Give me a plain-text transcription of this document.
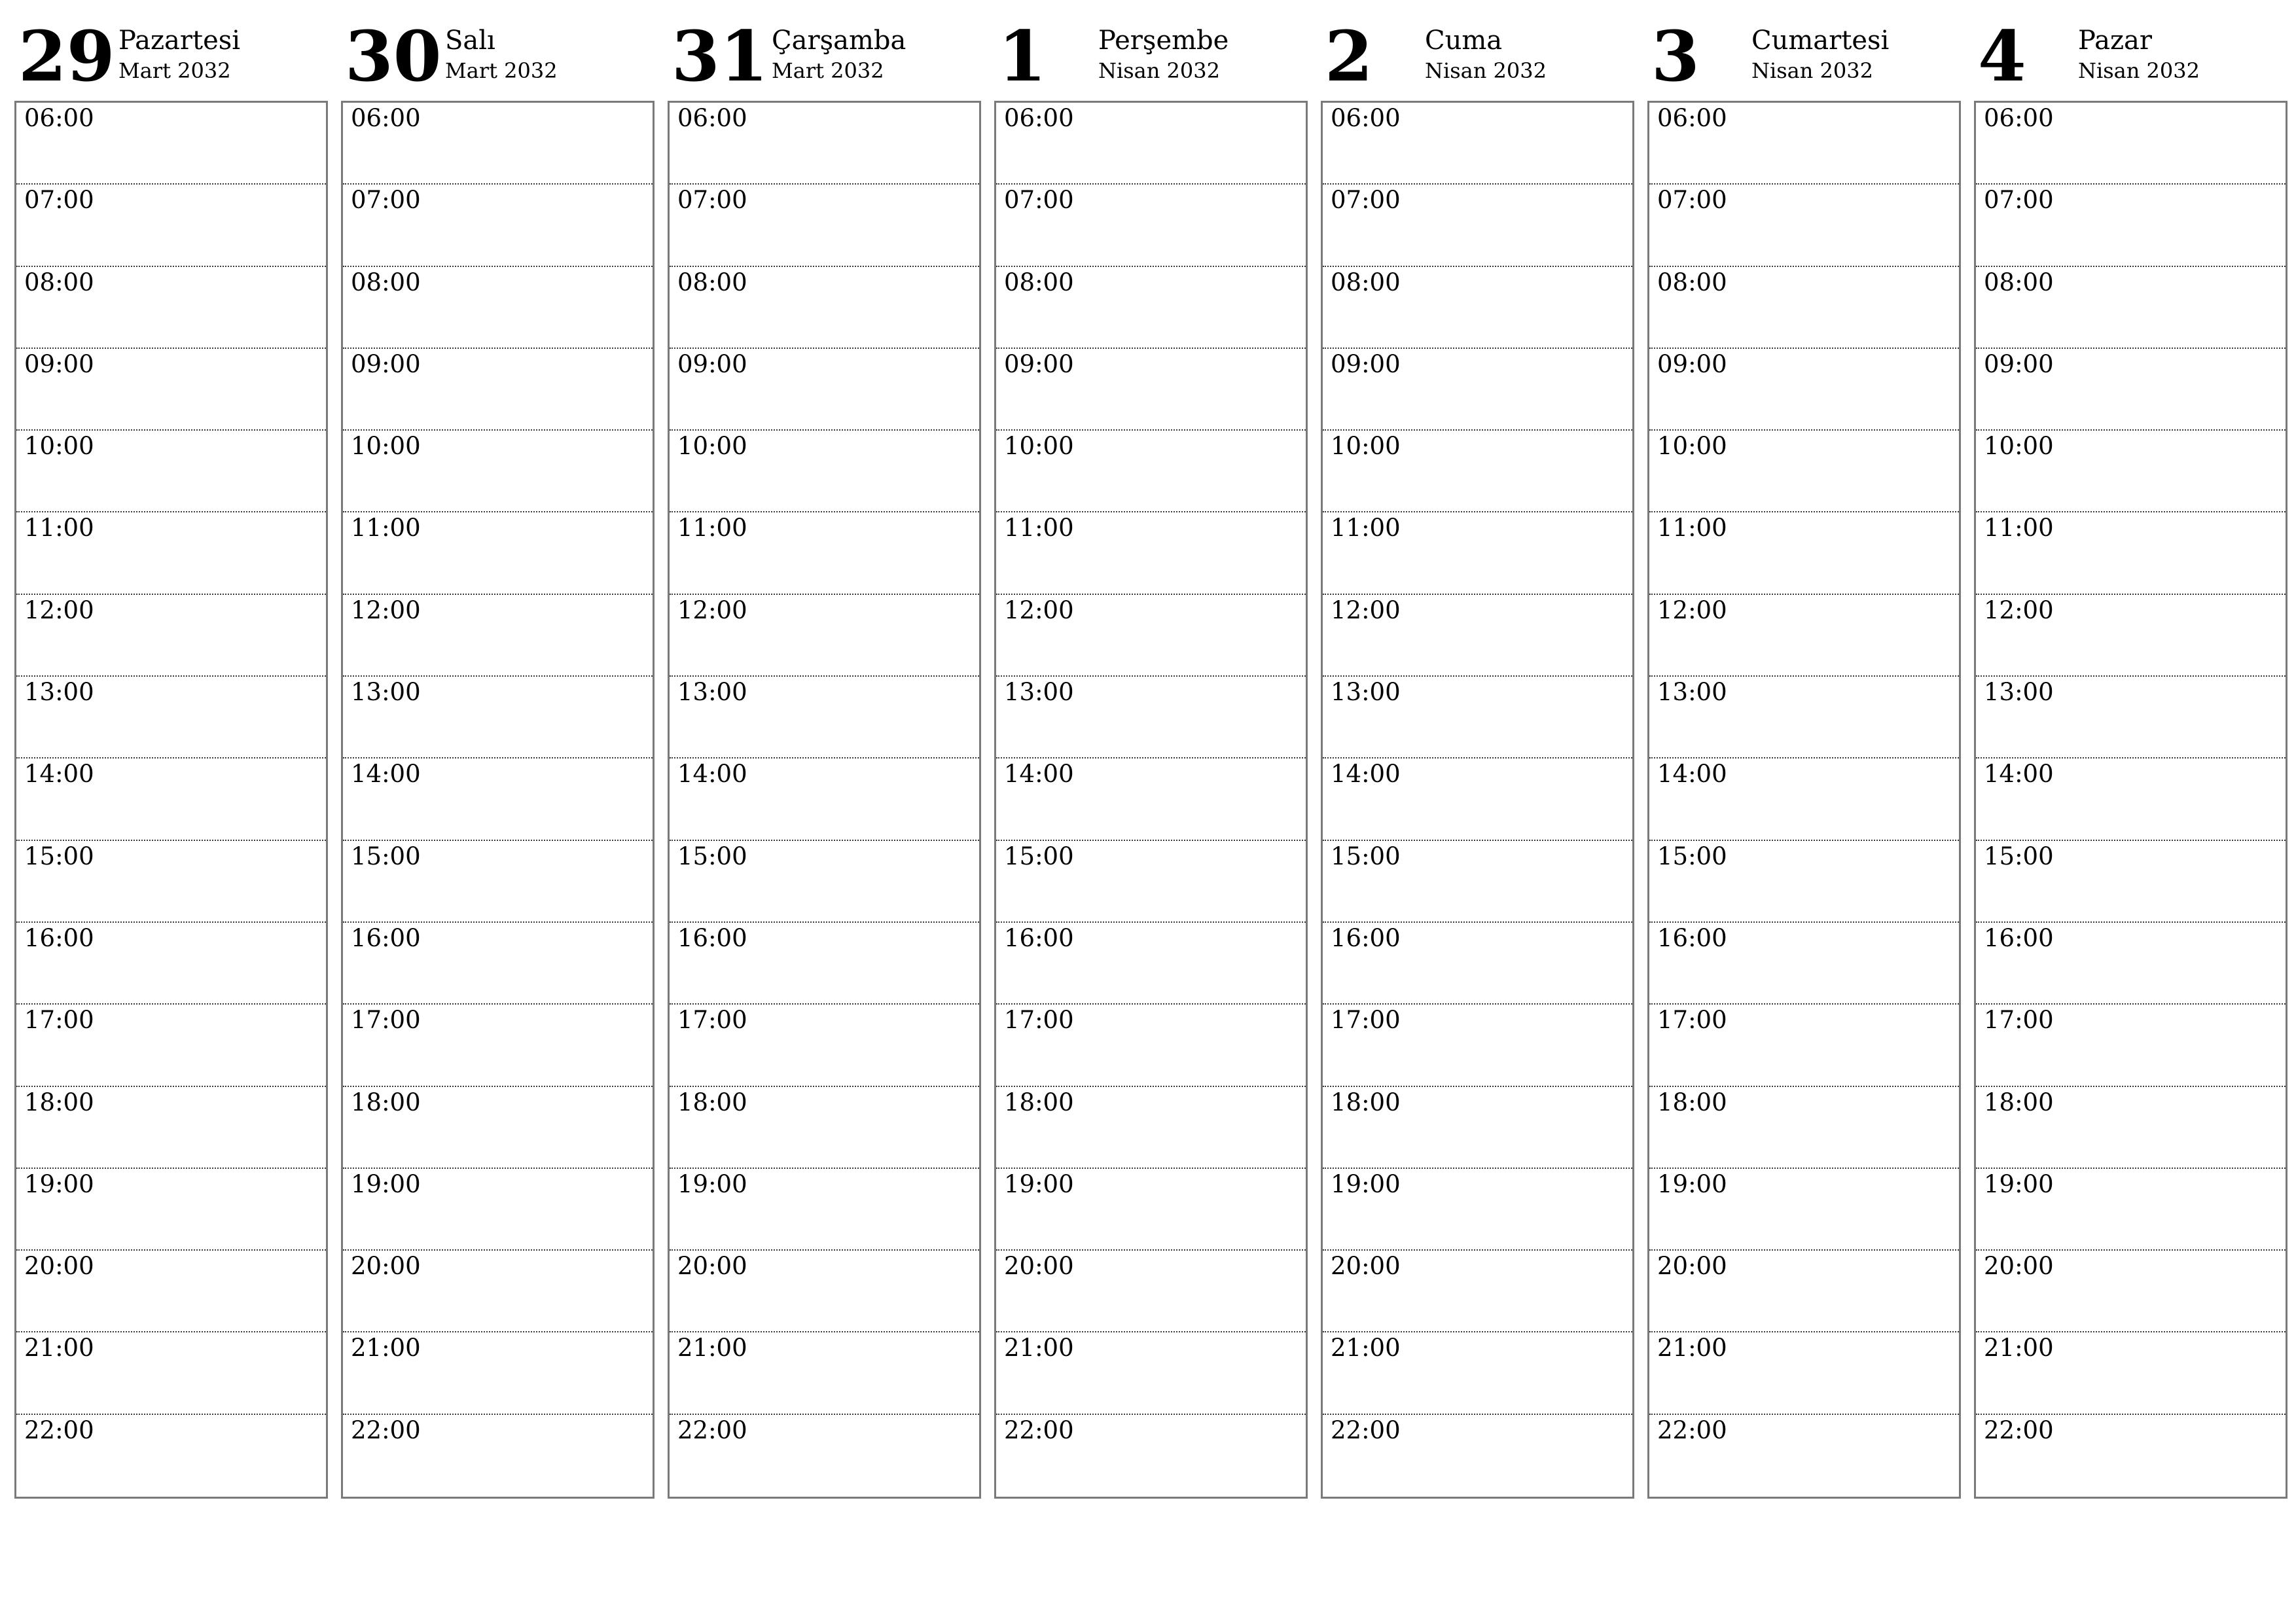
29 Pazartesi
Mart 2032
06:00
07:00
08:00
09:00
10:00
11:00
12:00
13:00
14:00
15:00
16:00
17:00
18:00
19:00
20:00
21:00
22:00
30 Salı
Mart 2032
06:00
07:00
08:00
09:00
10:00
11:00
12:00
13:00
14:00
15:00
16:00
17:00
18:00
19:00
20:00
21:00
22:00
31 Çarşamba
Mart 2032
06:00
07:00
08:00
09:00
10:00
11:00
12:00
13:00
14:00
15:00
16:00
17:00
18:00
19:00
20:00
21:00
22:00
1	Perşembe
Nisan 2032
06:00
07:00
08:00
09:00
10:00
11:00
12:00
13:00
14:00
15:00
16:00
17:00
18:00
19:00
20:00
21:00
22:00
2	Cuma
Nisan 2032
06:00
07:00
08:00
09:00
10:00
11:00
12:00
13:00
14:00
15:00
16:00
17:00
18:00
19:00
20:00
21:00
22:00
3	Cumartesi
Nisan 2032
06:00
07:00
08:00
09:00
10:00
11:00
12:00
13:00
14:00
15:00
16:00
17:00
18:00
19:00
20:00
21:00
22:00
4	Pazar
Nisan 2032
06:00
07:00
08:00
09:00
10:00
11:00
12:00
13:00
14:00
15:00
16:00
17:00
18:00
19:00
20:00
21:00
22:00
